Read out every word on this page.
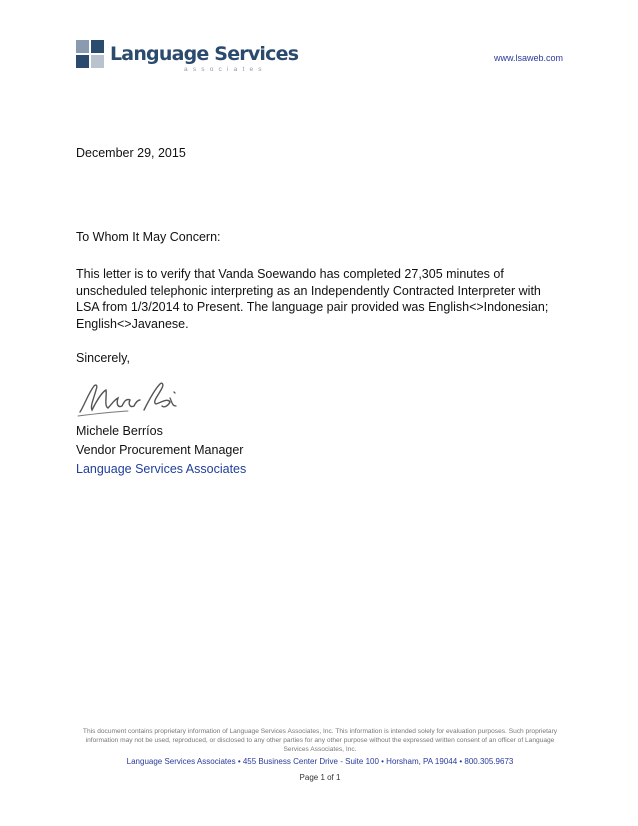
Language Services
associates
www.lsaweb.com
December 29, 2015
To Whom It May Concern:
This letter is to verify that Vanda Soewando has completed 27,305 minutes of unscheduled telephonic interpreting as an Independently Contracted Interpreter with LSA from 1/3/2014 to Present. The language pair provided was English<>Indonesian; English<>Javanese.
Sincerely,
Michele Berríos
Vendor Procurement Manager
Language Services Associates
This document contains proprietary information of Language Services Associates, Inc. This information is intended solely for evaluation purposes. Such proprietary information may not be used, reproduced, or disclosed to any other parties for any other purpose without the expressed written consent of an officer of Language Services Associates, Inc.
Language Services Associates • 455 Business Center Drive - Suite 100 • Horsham, PA 19044 • 800.305.9673
Page 1 of 1
